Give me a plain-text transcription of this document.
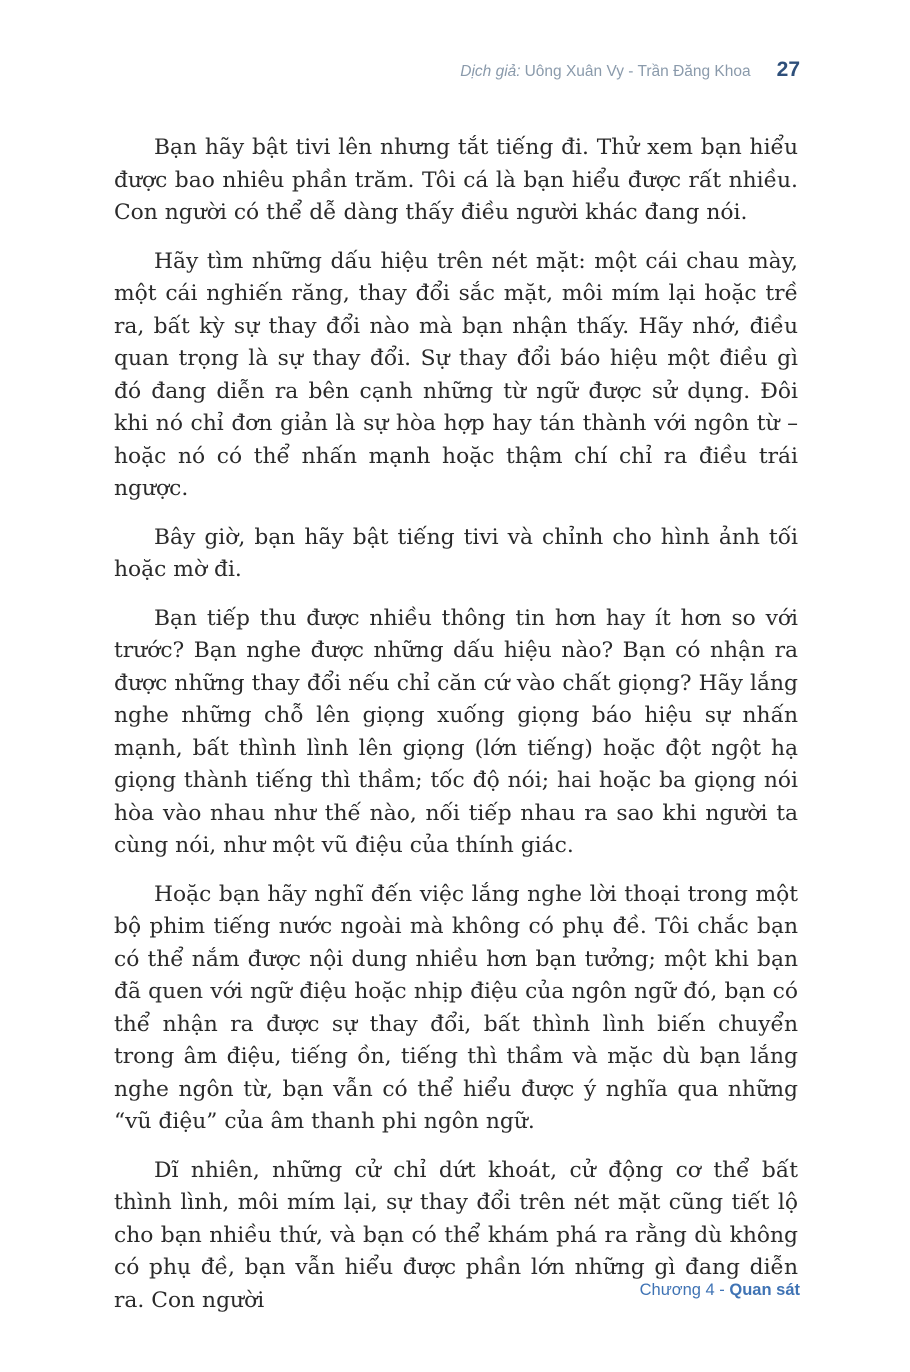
Dịch giả: Uông Xuân Vy - Trần Đăng Khoa 27

Bạn hãy bật tivi lên nhưng tắt tiếng đi. Thử xem bạn hiểu được bao nhiêu phần trăm. Tôi cá là bạn hiểu được rất nhiều. Con người có thể dễ dàng thấy điều người khác đang nói.

Hãy tìm những dấu hiệu trên nét mặt: một cái chau mày, một cái nghiến răng, thay đổi sắc mặt, môi mím lại hoặc trề ra, bất kỳ sự thay đổi nào mà bạn nhận thấy. Hãy nhớ, điều quan trọng là sự thay đổi. Sự thay đổi báo hiệu một điều gì đó đang diễn ra bên cạnh những từ ngữ được sử dụng. Đôi khi nó chỉ đơn giản là sự hòa hợp hay tán thành với ngôn từ – hoặc nó có thể nhấn mạnh hoặc thậm chí chỉ ra điều trái ngược.

Bây giờ, bạn hãy bật tiếng tivi và chỉnh cho hình ảnh tối hoặc mờ đi.

Bạn tiếp thu được nhiều thông tin hơn hay ít hơn so với trước? Bạn nghe được những dấu hiệu nào? Bạn có nhận ra được những thay đổi nếu chỉ căn cứ vào chất giọng? Hãy lắng nghe những chỗ lên giọng xuống giọng báo hiệu sự nhấn mạnh, bất thình lình lên giọng (lớn tiếng) hoặc đột ngột hạ giọng thành tiếng thì thầm; tốc độ nói; hai hoặc ba giọng nói hòa vào nhau như thế nào, nối tiếp nhau ra sao khi người ta cùng nói, như một vũ điệu của thính giác.

Hoặc bạn hãy nghĩ đến việc lắng nghe lời thoại trong một bộ phim tiếng nước ngoài mà không có phụ đề. Tôi chắc bạn có thể nắm được nội dung nhiều hơn bạn tưởng; một khi bạn đã quen với ngữ điệu hoặc nhịp điệu của ngôn ngữ đó, bạn có thể nhận ra được sự thay đổi, bất thình lình biến chuyển trong âm điệu, tiếng ồn, tiếng thì thầm và mặc dù bạn lắng nghe ngôn từ, bạn vẫn có thể hiểu được ý nghĩa qua những “vũ điệu” của âm thanh phi ngôn ngữ.

Dĩ nhiên, những cử chỉ dứt khoát, cử động cơ thể bất thình lình, môi mím lại, sự thay đổi trên nét mặt cũng tiết lộ cho bạn nhiều thứ, và bạn có thể khám phá ra rằng dù không có phụ đề, bạn vẫn hiểu được phần lớn những gì đang diễn ra. Con người	Chương 4 - Quan sát
